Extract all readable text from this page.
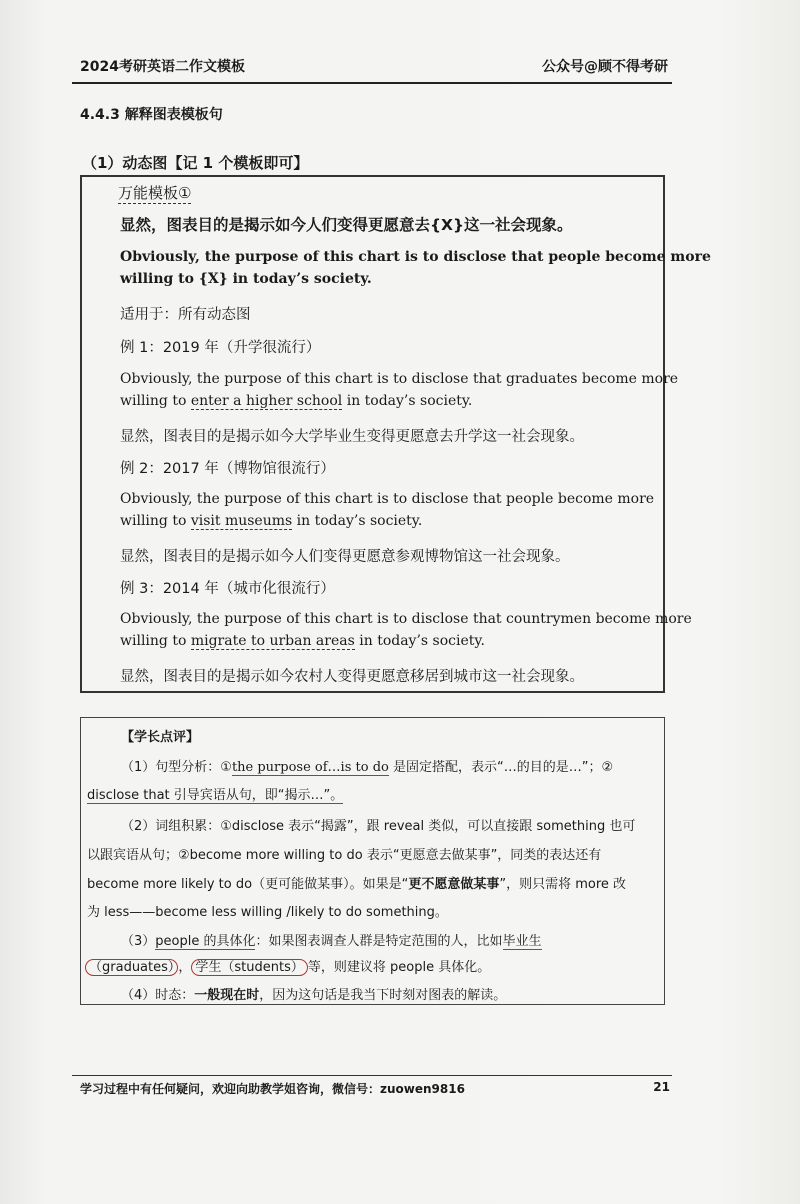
2024考研英语二作文模板	公众号@顾不得考研
4.4.3 解释图表模板句
（1）动态图【记 1 个模板即可】
万能模板①
显然，图表目的是揭示如今人们变得更愿意去{X}这一社会现象。
Obviously, the purpose of this chart is to disclose that people become more
willing to {X} in today’s society.
适用于：所有动态图
例 1：2019 年（升学很流行）
Obviously, the purpose of this chart is to disclose that graduates become more
willing to enter a higher school in today’s society.
显然，图表目的是揭示如今大学毕业生变得更愿意去升学这一社会现象。
例 2：2017 年（博物馆很流行）
Obviously, the purpose of this chart is to disclose that people become more
willing to visit museums in today’s society.
显然，图表目的是揭示如今人们变得更愿意参观博物馆这一社会现象。
例 3：2014 年（城市化很流行）
Obviously, the purpose of this chart is to disclose that countrymen become more
willing to migrate to urban areas in today’s society.
显然，图表目的是揭示如今农村人变得更愿意移居到城市这一社会现象。
【学长点评】
（1）句型分析：①the purpose of…is to do 是固定搭配，表示“…的目的是…”；②
disclose that 引导宾语从句，即“揭示…”。
（2）词组积累：①disclose 表示“揭露”，跟 reveal 类似，可以直接跟 something 也可
以跟宾语从句；②become more willing to do 表示“更愿意去做某事”，同类的表达还有
become more likely to do（更可能做某事）。如果是“更不愿意做某事”，则只需将 more 改
为 less——become less willing /likely to do something。
（3）people 的具体化：如果图表调查人群是特定范围的人，比如毕业生
（graduates） ， 学生（students） 等，则建议将 people 具体化。
（4）时态：一般现在时，因为这句话是我当下时刻对图表的解读。
学习过程中有任何疑问，欢迎向助教学姐咨询，微信号：zuowen9816	21
